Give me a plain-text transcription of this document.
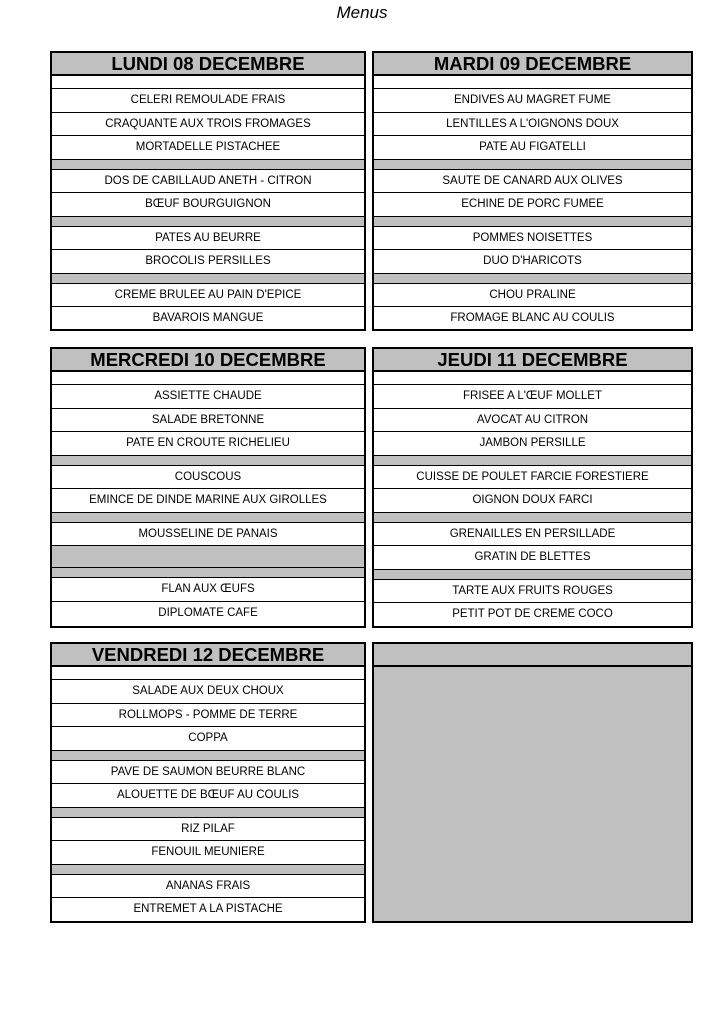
Menus
LUNDI 08 DECEMBRE
CELERI REMOULADE FRAIS
CRAQUANTE AUX TROIS FROMAGES
MORTADELLE PISTACHEE
DOS DE CABILLAUD ANETH - CITRON
BŒUF BOURGUIGNON
PATES AU BEURRE
BROCOLIS PERSILLES
CREME BRULEE AU PAIN D'EPICE
BAVAROIS MANGUE
MARDI 09 DECEMBRE
ENDIVES AU MAGRET FUME
LENTILLES A L'OIGNONS DOUX
PATE AU FIGATELLI
SAUTE DE CANARD AUX OLIVES
ECHINE DE PORC FUMEE
POMMES NOISETTES
DUO D'HARICOTS
CHOU PRALINE
FROMAGE BLANC AU COULIS
MERCREDI 10 DECEMBRE
ASSIETTE CHAUDE
SALADE BRETONNE
PATE EN CROUTE RICHELIEU
COUSCOUS
EMINCE DE DINDE MARINE AUX GIROLLES
MOUSSELINE DE PANAIS
FLAN AUX ŒUFS
DIPLOMATE CAFE
JEUDI 11 DECEMBRE
FRISEE A L'ŒUF MOLLET
AVOCAT AU CITRON
JAMBON PERSILLE
CUISSE DE POULET FARCIE FORESTIERE
OIGNON DOUX FARCI
GRENAILLES EN PERSILLADE
GRATIN DE BLETTES
TARTE AUX FRUITS ROUGES
PETIT POT DE CREME COCO
VENDREDI 12 DECEMBRE
SALADE AUX DEUX CHOUX
ROLLMOPS - POMME DE TERRE
COPPA
PAVE DE SAUMON BEURRE BLANC
ALOUETTE DE BŒUF AU COULIS
RIZ PILAF
FENOUIL MEUNIERE
ANANAS FRAIS
ENTREMET A LA PISTACHE
